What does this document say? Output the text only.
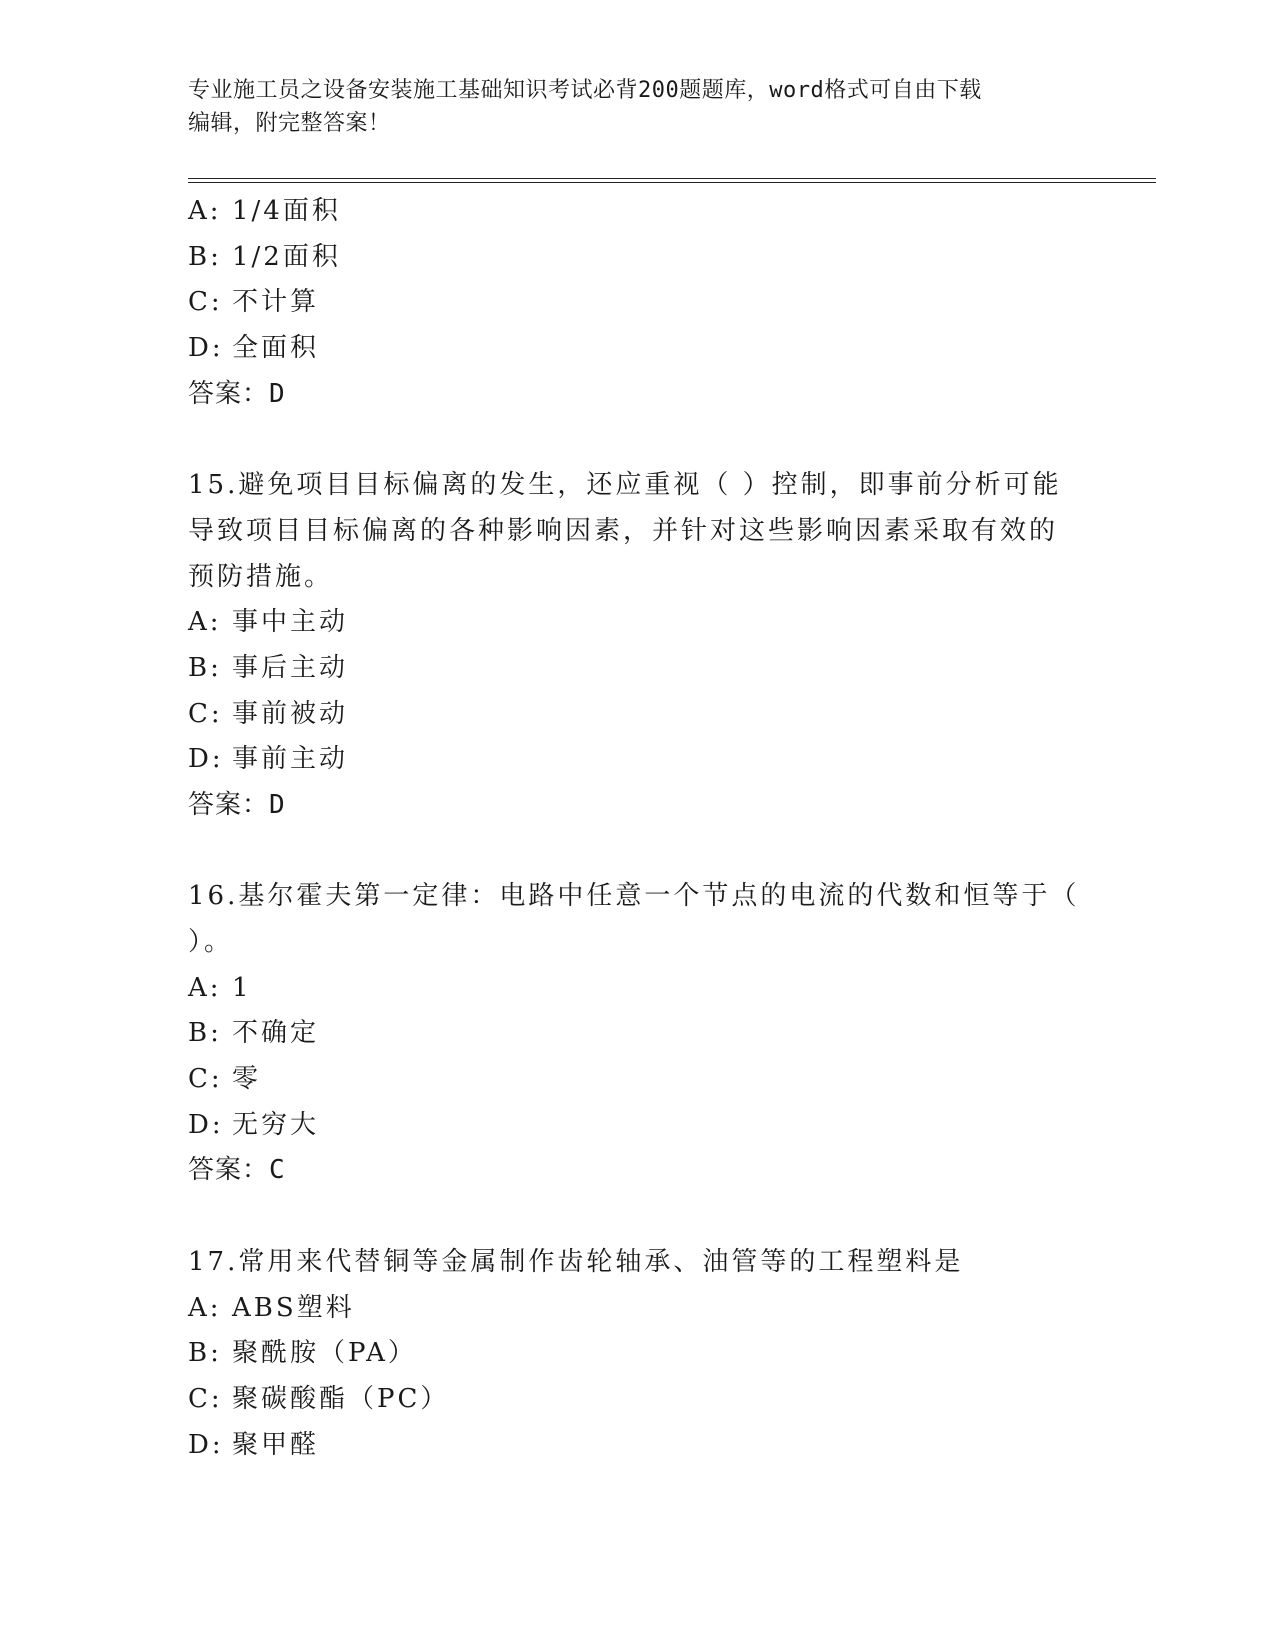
专业施工员之设备安装施工基础知识考试必背200题题库，word格式可自由下载
编辑，附完整答案！
A: 1/4面积
B: 1/2面积
C: 不计算
D: 全面积
答案：D
15.避免项目目标偏离的发生，还应重视（ ）控制，即事前分析可能
导致项目目标偏离的各种影响因素，并针对这些影响因素采取有效的
预防措施。
A: 事中主动
B: 事后主动
C: 事前被动
D: 事前主动
答案：D
16.基尔霍夫第一定律：电路中任意一个节点的电流的代数和恒等于（
）。
A: 1
B: 不确定
C: 零
D: 无穷大
答案：C
17.常用来代替铜等金属制作齿轮轴承、油管等的工程塑料是
A: ABS塑料
B: 聚酰胺（PA）
C: 聚碳酸酯（PC）
D: 聚甲醛
